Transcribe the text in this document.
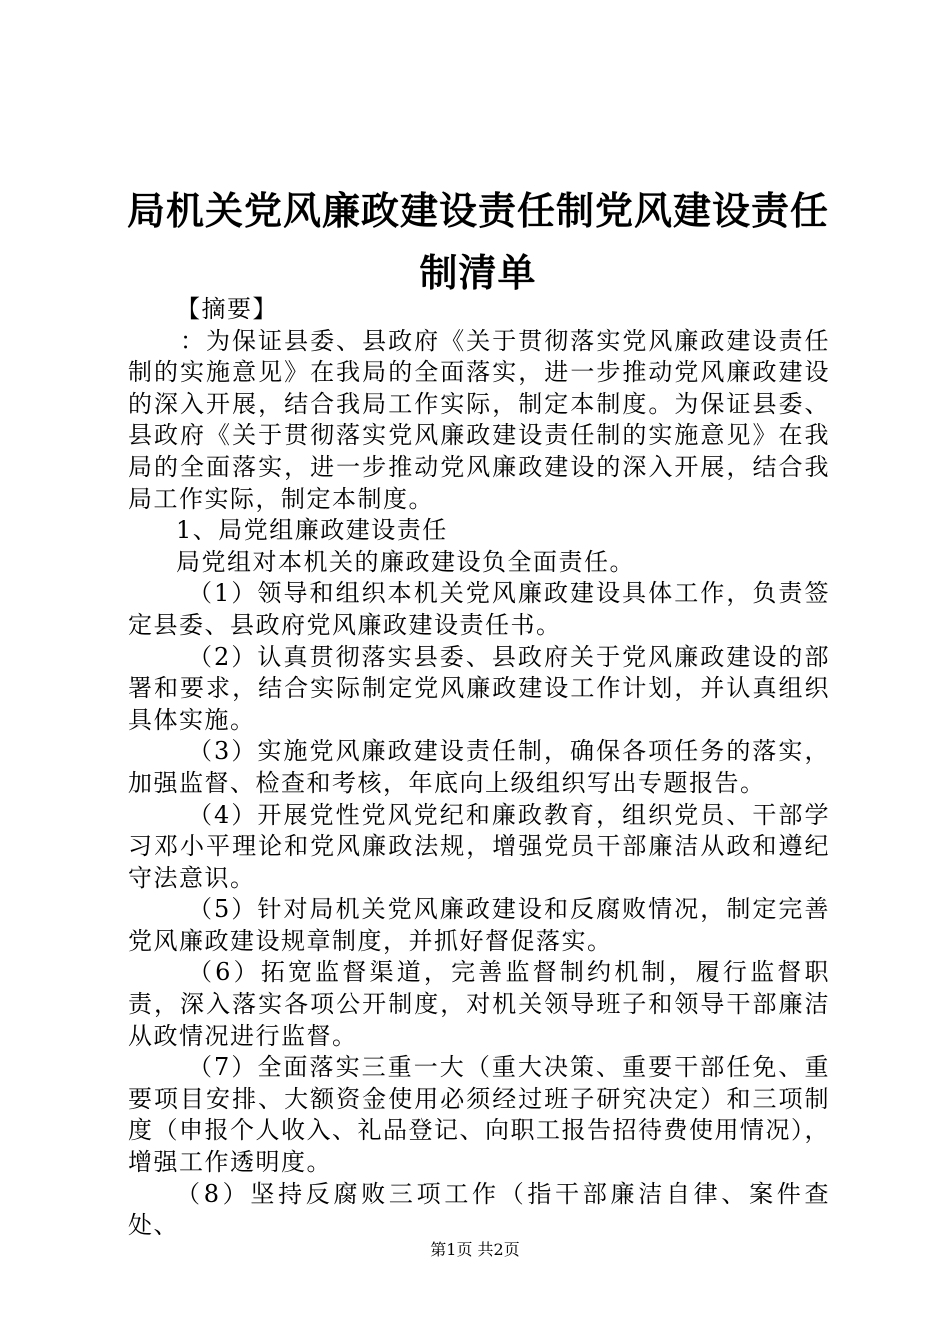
局机关党风廉政建设责任制党风建设责任制清单

【摘要】

：为保证县委、县政府《关于贯彻落实党风廉政建设责任制的实施意见》在我局的全面落实，进一步推动党风廉政建设的深入开展，结合我局工作实际，制定本制度。为保证县委、县政府《关于贯彻落实党风廉政建设责任制的实施意见》在我局的全面落实，进一步推动党风廉政建设的深入开展，结合我局工作实际，制定本制度。

1、局党组廉政建设责任

局党组对本机关的廉政建设负全面责任。

（1）领导和组织本机关党风廉政建设具体工作，负责签定县委、县政府党风廉政建设责任书。

（2）认真贯彻落实县委、县政府关于党风廉政建设的部署和要求，结合实际制定党风廉政建设工作计划，并认真组织具体实施。

（3）实施党风廉政建设责任制，确保各项任务的落实，加强监督、检查和考核，年底向上级组织写出专题报告。

（4）开展党性党风党纪和廉政教育，组织党员、干部学习邓小平理论和党风廉政法规，增强党员干部廉洁从政和遵纪守法意识。

（5）针对局机关党风廉政建设和反腐败情况，制定完善党风廉政建设规章制度，并抓好督促落实。

（6）拓宽监督渠道，完善监督制约机制，履行监督职责，深入落实各项公开制度，对机关领导班子和领导干部廉洁从政情况进行监督。

（7）全面落实三重一大（重大决策、重要干部任免、重要项目安排、大额资金使用必须经过班子研究决定）和三项制度（申报个人收入、礼品登记、向职工报告招待费使用情况），增强工作透明度。

（8）坚持反腐败三项工作（指干部廉洁自律、案件查处、

第1页 共2页
